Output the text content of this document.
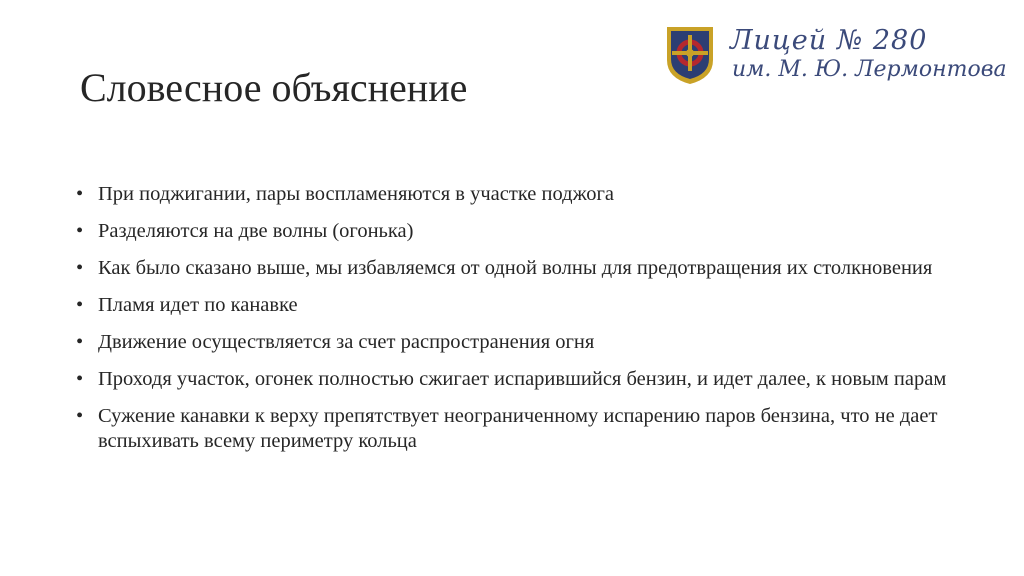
Словесное объяснение
Лицей № 280
им. М. Ю. Лермонтова
• При поджигании, пары воспламеняются в участке поджога
• Разделяются на две волны (огонька)
• Как было сказано выше, мы избавляемся от одной волны для предотвращения их столкновения
• Пламя идет по канавке
• Движение осуществляется за счет распространения огня
• Проходя участок, огонек полностью сжигает испарившийся бензин, и идет далее, к новым парам
• Сужение канавки к верху препятствует неограниченному испарению паров бензина, что не дает вспыхивать всему периметру кольца
